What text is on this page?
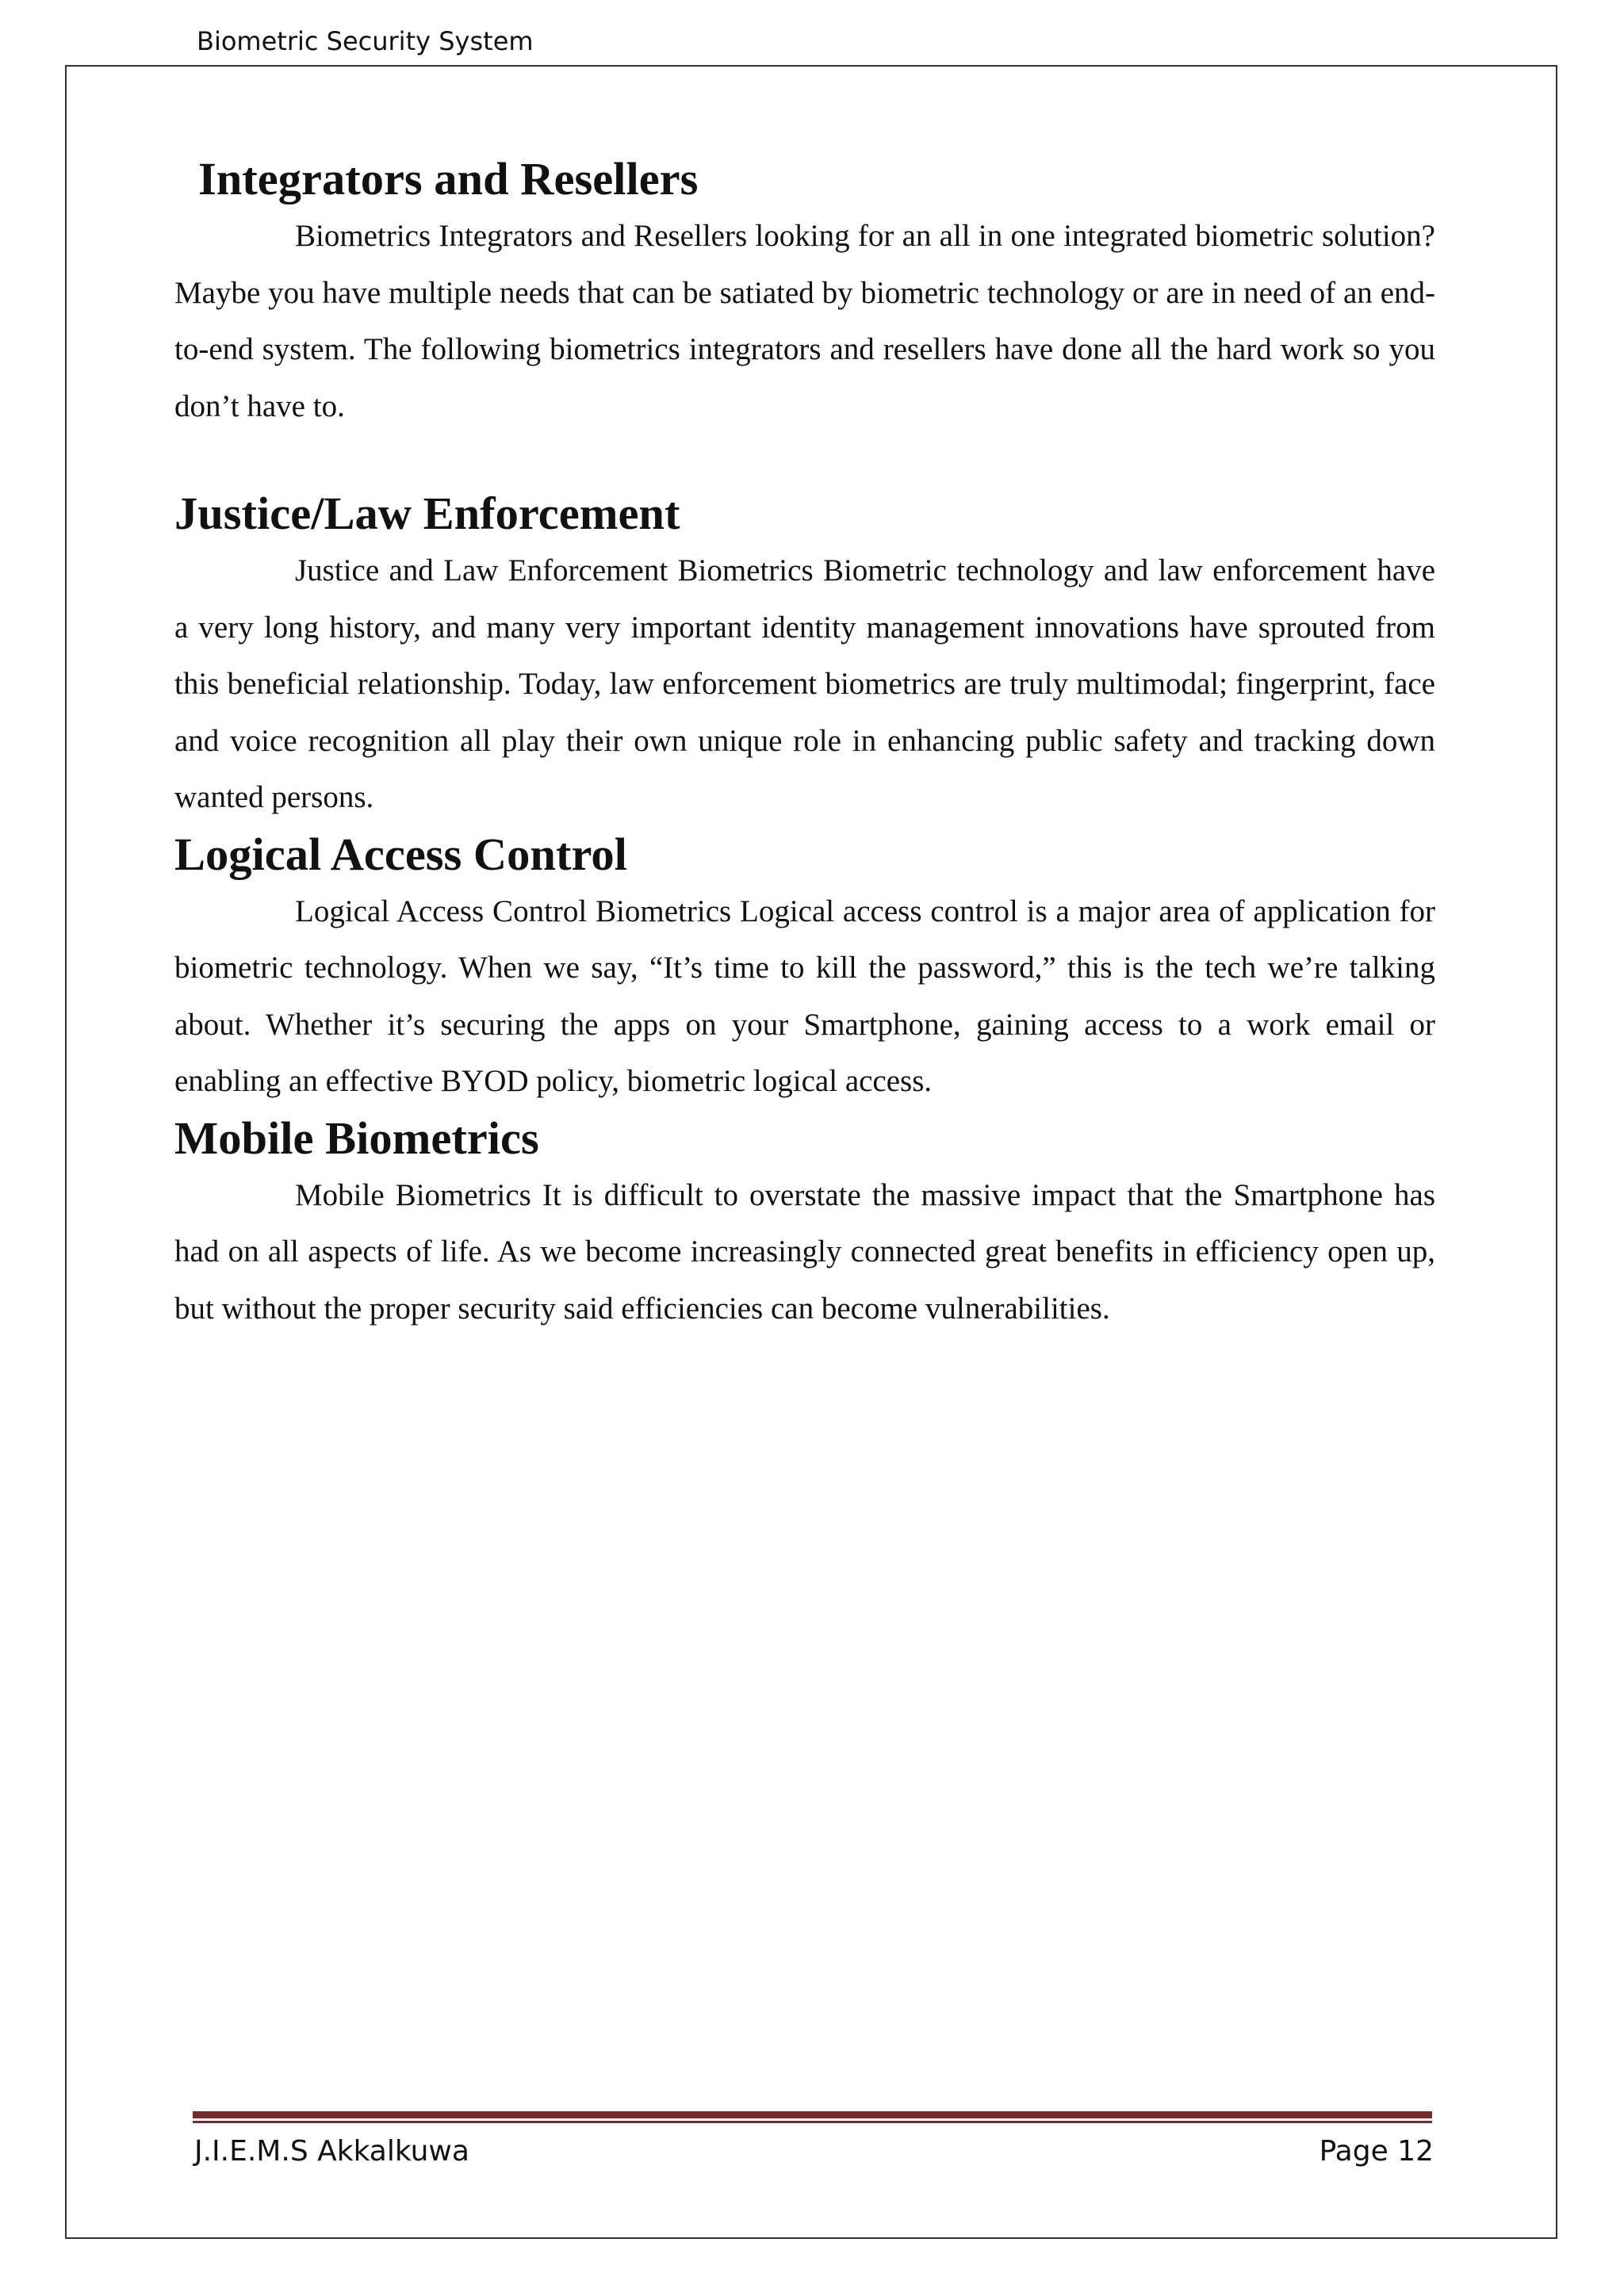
Biometric Security System
Integrators and Resellers

Biometrics Integrators and Resellers looking for an all in one integrated biometric solution? Maybe you have multiple needs that can be satiated by biometric technology or are in need of an end-to-end system. The following biometrics integrators and resellers have done all the hard work so you don’t have to.

Justice/Law Enforcement

Justice and Law Enforcement Biometrics Biometric technology and law enforcement have a very long history, and many very important identity management innovations have sprouted from this beneficial relationship. Today, law enforcement biometrics are truly multimodal; fingerprint, face and voice recognition all play their own unique role in enhancing public safety and tracking down wanted persons.

Logical Access Control

Logical Access Control Biometrics Logical access control is a major area of application for biometric technology. When we say, “It’s time to kill the password,” this is the tech we’re talking about. Whether it’s securing the apps on your Smartphone, gaining access to a work email or enabling an effective BYOD policy, biometric logical access.

Mobile Biometrics

Mobile Biometrics It is difficult to overstate the massive impact that the Smartphone has had on all aspects of life. As we become increasingly connected great benefits in efficiency open up, but without the proper security said efficiencies can become vulnerabilities.

J.I.E.M.S Akkalkuwa	Page 12
